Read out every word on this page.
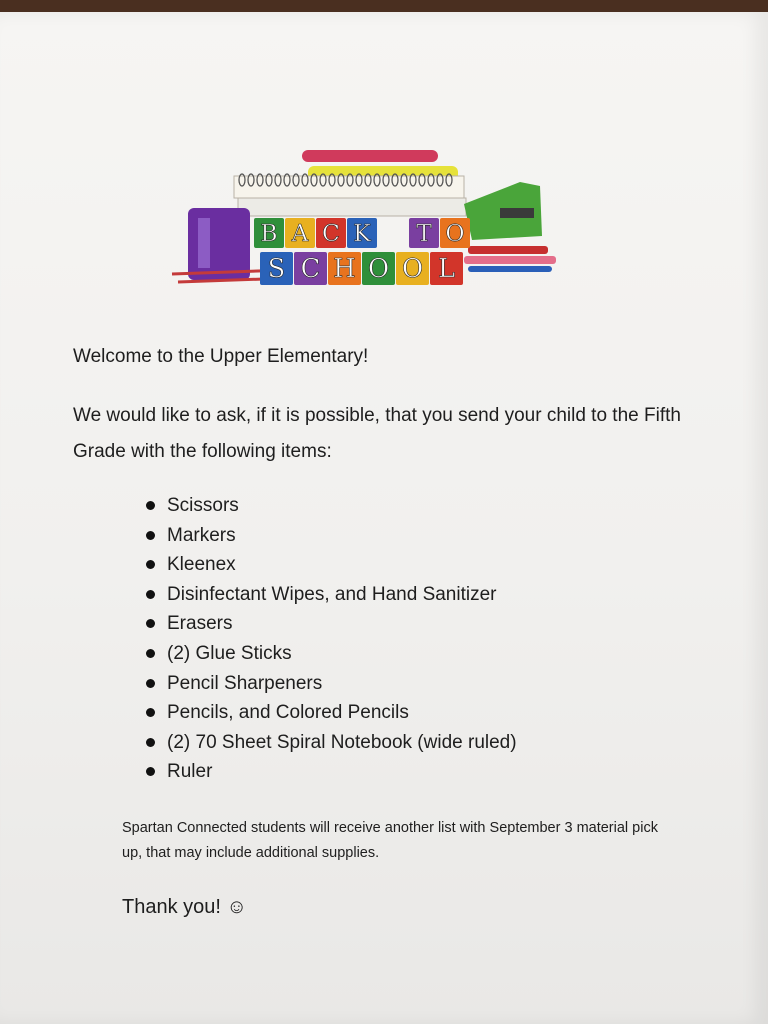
B A C K T O
S C H O O L
Welcome to the Upper Elementary!
We would like to ask, if it is possible, that you send your child to the Fifth Grade with the following items:
Scissors
Markers
Kleenex
Disinfectant Wipes, and Hand Sanitizer
Erasers
(2) Glue Sticks
Pencil Sharpeners
Pencils, and Colored Pencils
(2) 70 Sheet Spiral Notebook (wide ruled)
Ruler
Spartan Connected students will receive another list with September 3 material pick up, that may include additional supplies.
Thank you! ☺
